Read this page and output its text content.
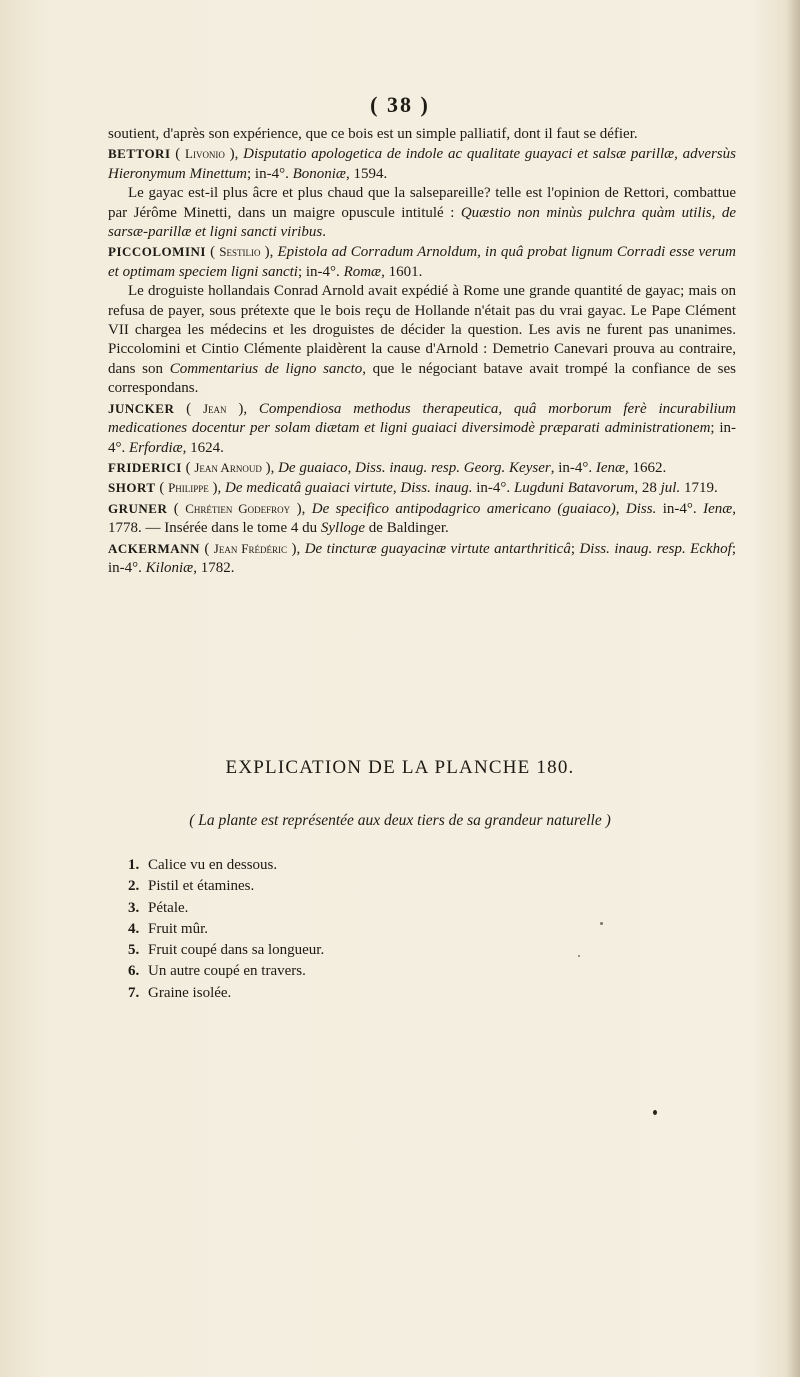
( 38 )

soutient, d'après son expérience, que ce bois est un simple palliatif, dont il faut se défier.

BETTORI ( Livonio ), Disputatio apologetica de indole ac qualitate guayaci et salsæ parillæ, adversùs Hieronymum Minettum; in-4°. Bononiæ, 1594.

Le gayac est-il plus âcre et plus chaud que la salsepareille? telle est l'opinion de Rettori, combattue par Jérôme Minetti, dans un maigre opuscule intitulé : Quæstio non minùs pulchra quàm utilis, de sarsæ-parillæ et ligni sancti viribus.

PICCOLOMINI ( Sestilio ), Epistola ad Corradum Arnoldum, in quâ probat lignum Corradi esse verum et optimam speciem ligni sancti; in-4°. Romæ, 1601.

Le droguiste hollandais Conrad Arnold avait expédié à Rome une grande quantité de gayac; mais on refusa de payer, sous prétexte que le bois reçu de Hollande n'était pas du vrai gayac. Le Pape Clément VII chargea les médecins et les droguistes de décider la question. Les avis ne furent pas unanimes. Piccolomini et Cintio Clémente plaidèrent la cause d'Arnold : Demetrio Canevari prouva au contraire, dans son Commentarius de ligno sancto, que le négociant batave avait trompé la confiance de ses correspondans.

JUNCKER ( Jean ), Compendiosa methodus therapeutica, quâ morborum ferè incurabilium medicationes docentur per solam diætam et ligni guaiaci diversimodè præparati administrationem; in-4°. Erfordiæ, 1624.

FRIDERICI ( Jean Arnoud ), De guaiaco, Diss. inaug. resp. Georg. Keyser, in-4°. Ienæ, 1662.

SHORT ( Philippe ), De medicatâ guaiaci virtute, Diss. inaug. in-4°. Lugduni Batavorum, 28 jul. 1719.

GRUNER ( Chrétien Godefroy ), De specifico antipodagrico americano (guaiaco), Diss. in-4°. Ienæ, 1778. — Insérée dans le tome 4 du Sylloge de Baldinger.

ACKERMANN ( Jean Frédéric ), De tincturæ guayacinæ virtute antarthriticâ; Diss. inaug. resp. Eckhof; in-4°. Kiloniæ, 1782.

EXPLICATION DE LA PLANCHE 180.
( La plante est représentée aux deux tiers de sa grandeur naturelle )
1. Calice vu en dessous.
2. Pistil et étamines.
3. Pétale.
4. Fruit mûr.
5. Fruit coupé dans sa longueur.
6. Un autre coupé en travers.
7. Graine isolée.
